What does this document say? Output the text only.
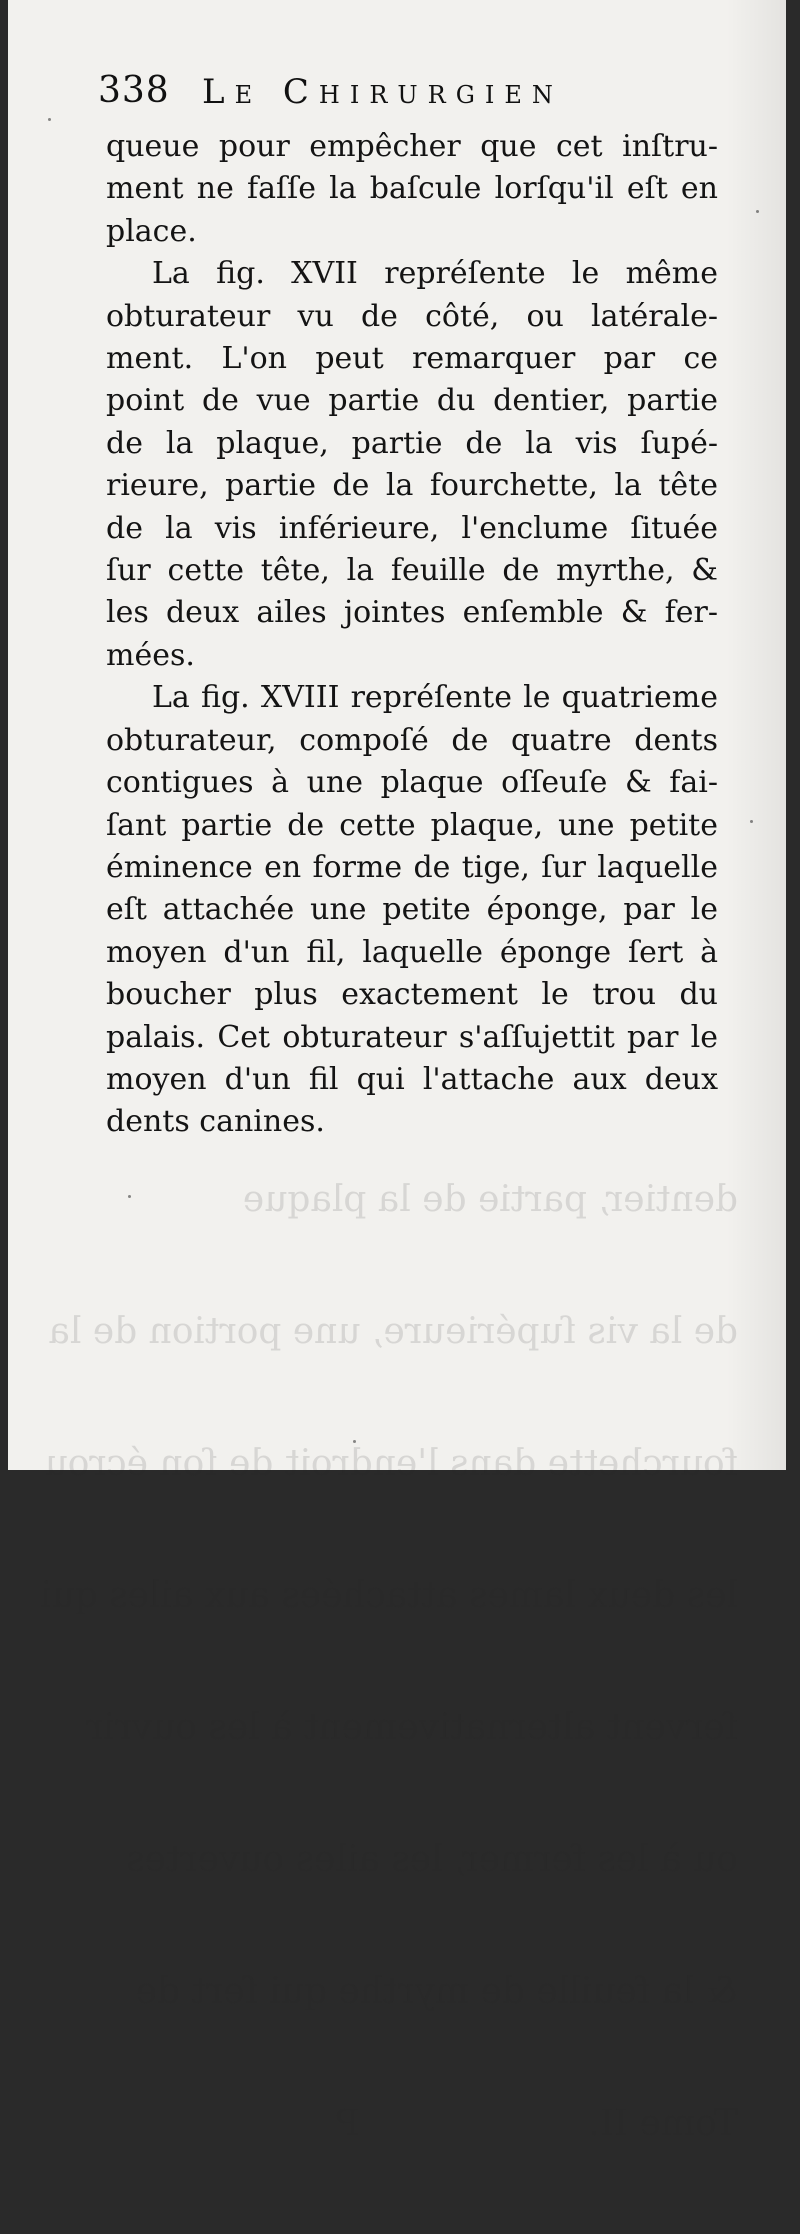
dentier, partie de la plaque

de la vis ſupérieure, une portion de la

fourchette dans l'endroit de ſon écrou

les deux lames attachées aux ailes qui

ſervent alternativement à les ouvrir

ou à les fermer, les ailes ouvertes

& la feuille de myrthe qui ſert de

Tome II.                    P

338 Le Chirurgien
queue pour empêcher que cet inſtru-
ment ne faſſe la baſcule lorſqu'il eſt en
place.
La fig. XVII repréſente le même
obturateur vu de côté, ou latérale-
ment. L'on peut remarquer par ce
point de vue partie du dentier, partie
de la plaque, partie de la vis ſupé-
rieure, partie de la fourchette, la tête
de la vis inférieure, l'enclume ſituée
ſur cette tête, la feuille de myrthe, &
les deux ailes jointes enſemble & fer-
mées.
La fig. XVIII repréſente le quatrieme
obturateur, compoſé de quatre dents
contigues à une plaque oſſeuſe & fai-
ſant partie de cette plaque, une petite
éminence en forme de tige, ſur laquelle
eſt attachée une petite éponge, par le
moyen d'un fil, laquelle éponge ſert à
boucher plus exactement le trou du
palais. Cet obturateur s'aſſujettit par le
moyen d'un fil qui l'attache aux deux
dents canines.
